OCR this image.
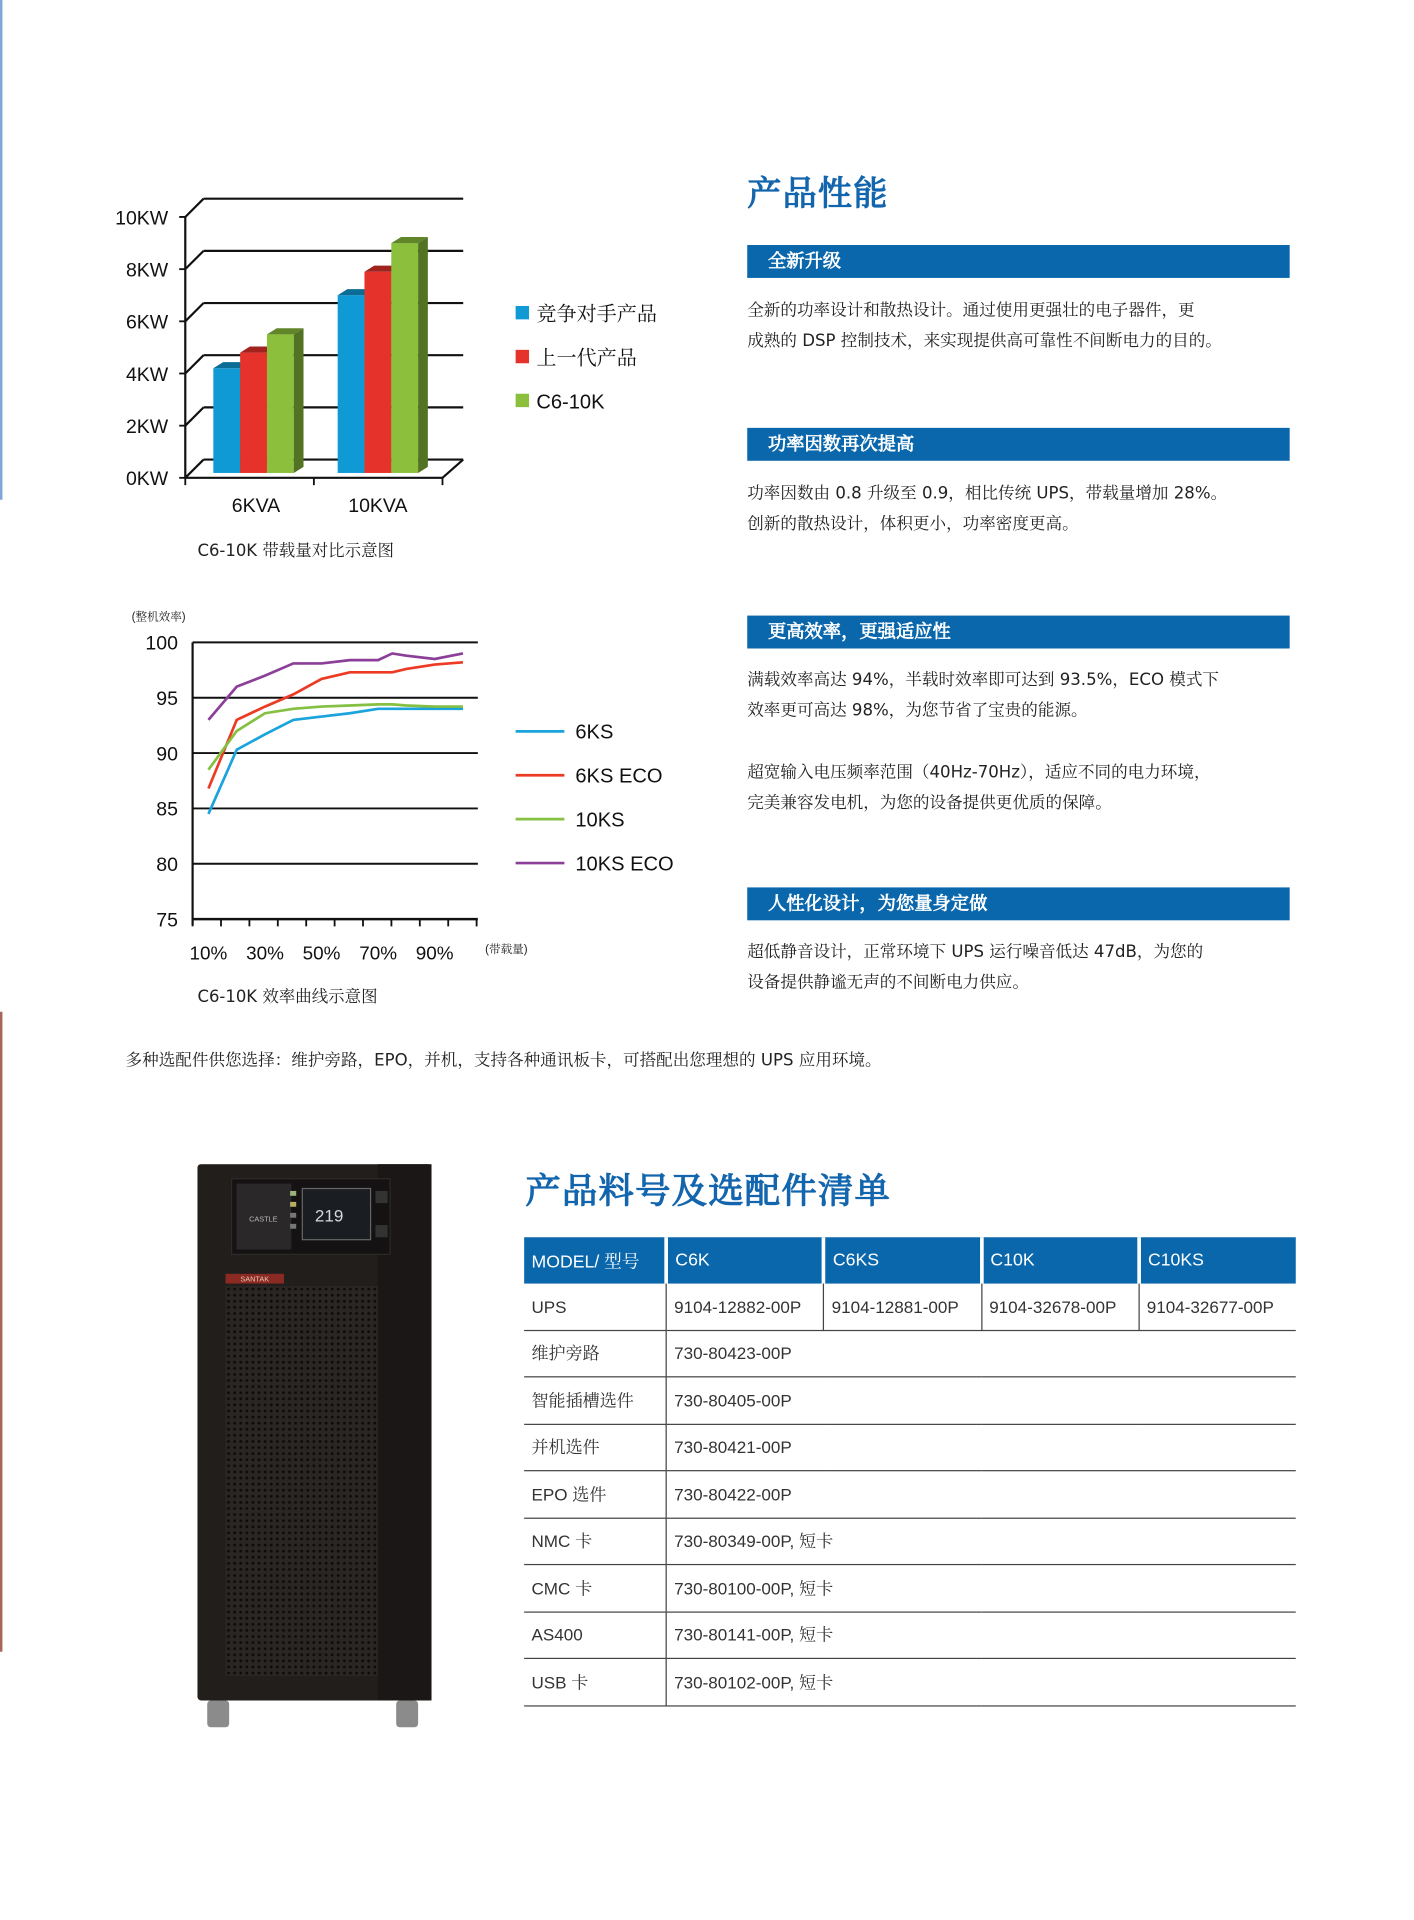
0KW
2KW
4KW
6KW
8KW
10KW
6KVA	10KVA
竞争对手产品
上一代产品
C6-10K
C6-10K 带载量对比示意图
100
95
90
85
80
75
10% 30% 50% 70% 90%
(整机效率)
(带载量)
6KS
6KS ECO
10KS
10KS ECO
C6-10K 效率曲线示意图
产品性能
全新升级
全新的功率设计和散热设计。通过使用更强壮的电子器件，更
成熟的 DSP 控制技术，来实现提供高可靠性不间断电力的目的。
功率因数再次提高
功率因数由 0.8 升级至 0.9，相比传统 UPS，带载量增加 28%。
创新的散热设计，体积更小，功率密度更高。
更高效率，更强适应性
满载效率高达 94%，半载时效率即可达到 93.5%，ECO 模式下
效率更可高达 98%，为您节省了宝贵的能源。
超宽输入电压频率范围（40Hz-70Hz），适应不同的电力环境，
完美兼容发电机，为您的设备提供更优质的保障。
人性化设计，为您量身定做
超低静音设计，正常环境下 UPS 运行噪音低达 47dB，为您的
设备提供静谧无声的不间断电力供应。
多种选配件供您选择：维护旁路，EPO，并机，支持各种通讯板卡，可搭配出您理想的 UPS 应用环境。
CASTLE	219
SANTAK
产品料号及选配件清单
MODEL/ 型号	C6K	C6KS	C10K	C10KS
UPS	9104-12882-00P	9104-12881-00P	9104-32678-00P	9104-32677-00P
维护旁路	730-80423-00P			
智能插槽选件	730-80405-00P			
并机选件	730-80421-00P			
EPO 选件	730-80422-00P			
NMC 卡	730-80349-00P, 短卡			
CMC 卡	730-80100-00P, 短卡			
AS400	730-80141-00P, 短卡			
USB 卡	730-80102-00P, 短卡			
